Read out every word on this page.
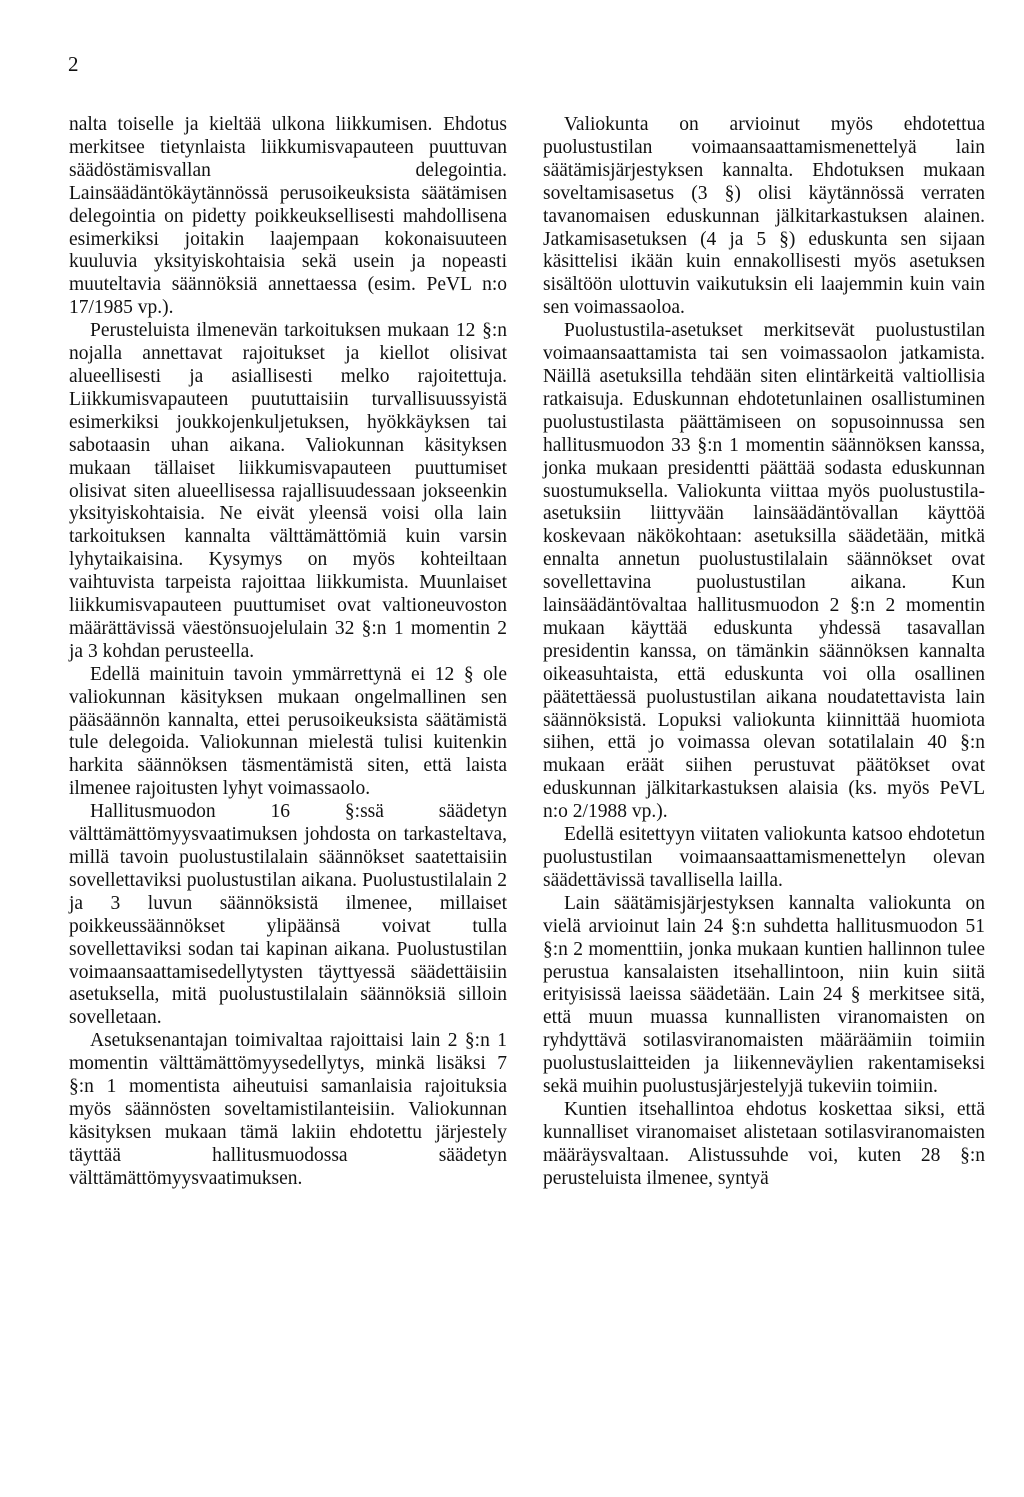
2

nalta toiselle ja kieltää ulkona liikkumisen. Ehdotus merkitsee tietynlaista liikkumisvapauteen puuttuvan säädöstämisvallan delegointia. Lainsäädäntökäytännössä perusoikeuksista säätämisen delegointia on pidetty poikkeuksellisesti mahdollisena esimerkiksi joitakin laajempaan kokonaisuuteen kuuluvia yksityiskohtaisia sekä usein ja nopeasti muuteltavia säännöksiä annettaessa (esim. PeVL n:o 17/1985 vp.).

Perusteluista ilmenevän tarkoituksen mukaan 12 §:n nojalla annettavat rajoitukset ja kiellot olisivat alueellisesti ja asiallisesti melko rajoitettuja. Liikkumisvapauteen puututtaisiin turvallisuussyistä esimerkiksi joukkojenkuljetuksen, hyökkäyksen tai sabotaasin uhan aikana. Valiokunnan käsityksen mukaan tällaiset liikkumisvapauteen puuttumiset olisivat siten alueellisessa rajallisuudessaan jokseenkin yksityiskohtaisia. Ne eivät yleensä voisi olla lain tarkoituksen kannalta välttämättömiä kuin varsin lyhytaikaisina. Kysymys on myös kohteiltaan vaihtuvista tarpeista rajoittaa liikkumista. Muunlaiset liikkumisvapauteen puuttumiset ovat valtioneuvoston määrättävissä väestönsuojelulain 32 §:n 1 momentin 2 ja 3 kohdan perusteella.

Edellä mainituin tavoin ymmärrettynä ei 12 § ole valiokunnan käsityksen mukaan ongelmallinen sen pääsäännön kannalta, ettei perusoikeuksista säätämistä tule delegoida. Valiokunnan mielestä tulisi kuitenkin harkita säännöksen täsmentämistä siten, että laista ilmenee rajoitusten lyhyt voimassaolo.

Hallitusmuodon 16 §:ssä säädetyn välttämättömyysvaatimuksen johdosta on tarkasteltava, millä tavoin puolustustilalain säännökset saatettaisiin sovellettaviksi puolustustilan aikana. Puolustustilalain 2 ja 3 luvun säännöksistä ilmenee, millaiset poikkeussäännökset ylipäänsä voivat tulla sovellettaviksi sodan tai kapinan aikana. Puolustustilan voimaansaattamisedellytysten täyttyessä säädettäisiin asetuksella, mitä puolustustilalain säännöksiä silloin sovelletaan.

Asetuksenantajan toimivaltaa rajoittaisi lain 2 §:n 1 momentin välttämättömyysedellytys, minkä lisäksi 7 §:n 1 momentista aiheutuisi samanlaisia rajoituksia myös säännösten soveltamistilanteisiin. Valiokunnan käsityksen mukaan tämä lakiin ehdotettu järjestely täyttää hallitusmuodossa säädetyn välttämättömyysvaatimuksen.

Valiokunta on arvioinut myös ehdotettua puolustustilan voimaansaattamismenettelyä lain säätämisjärjestyksen kannalta. Ehdotuksen mukaan soveltamisasetus (3 §) olisi käytännössä verraten tavanomaisen eduskunnan jälkitarkastuksen alainen. Jatkamisasetuksen (4 ja 5 §) eduskunta sen sijaan käsittelisi ikään kuin ennakollisesti myös asetuksen sisältöön ulottuvin vaikutuksin eli laajemmin kuin vain sen voimassaoloa.

Puolustustila-asetukset merkitsevät puolustustilan voimaansaattamista tai sen voimassaolon jatkamista. Näillä asetuksilla tehdään siten elintärkeitä valtiollisia ratkaisuja. Eduskunnan ehdotetunlainen osallistuminen puolustustilasta päättämiseen on sopusoinnussa sen hallitusmuodon 33 §:n 1 momentin säännöksen kanssa, jonka mukaan presidentti päättää sodasta eduskunnan suostumuksella. Valiokunta viittaa myös puolustustila-asetuksiin liittyvään lainsäädäntövallan käyttöä koskevaan näkökohtaan: asetuksilla säädetään, mitkä ennalta annetun puolustustilalain säännökset ovat sovellettavina puolustustilan aikana. Kun lainsäädäntövaltaa hallitusmuodon 2 §:n 2 momentin mukaan käyttää eduskunta yhdessä tasavallan presidentin kanssa, on tämänkin säännöksen kannalta oikeasuhtaista, että eduskunta voi olla osallinen päätettäessä puolustustilan aikana noudatettavista lain säännöksistä. Lopuksi valiokunta kiinnittää huomiota siihen, että jo voimassa olevan sotatilalain 40 §:n mukaan eräät siihen perustuvat päätökset ovat eduskunnan jälkitarkastuksen alaisia (ks. myös PeVL n:o 2/1988 vp.).

Edellä esitettyyn viitaten valiokunta katsoo ehdotetun puolustustilan voimaansaattamismenettelyn olevan säädettävissä tavallisella lailla.

Lain säätämisjärjestyksen kannalta valiokunta on vielä arvioinut lain 24 §:n suhdetta hallitusmuodon 51 §:n 2 momenttiin, jonka mukaan kuntien hallinnon tulee perustua kansalaisten itsehallintoon, niin kuin siitä erityisissä laeissa säädetään. Lain 24 § merkitsee sitä, että muun muassa kunnallisten viranomaisten on ryhdyttävä sotilasviranomaisten määräämiin toimiin puolustuslaitteiden ja liikenneväylien rakentamiseksi sekä muihin puolustusjärjestelyjä tukeviin toimiin.

Kuntien itsehallintoa ehdotus koskettaa siksi, että kunnalliset viranomaiset alistetaan sotilasviranomaisten määräysvaltaan. Alistussuhde voi, kuten 28 §:n perusteluista ilmenee, syntyä
